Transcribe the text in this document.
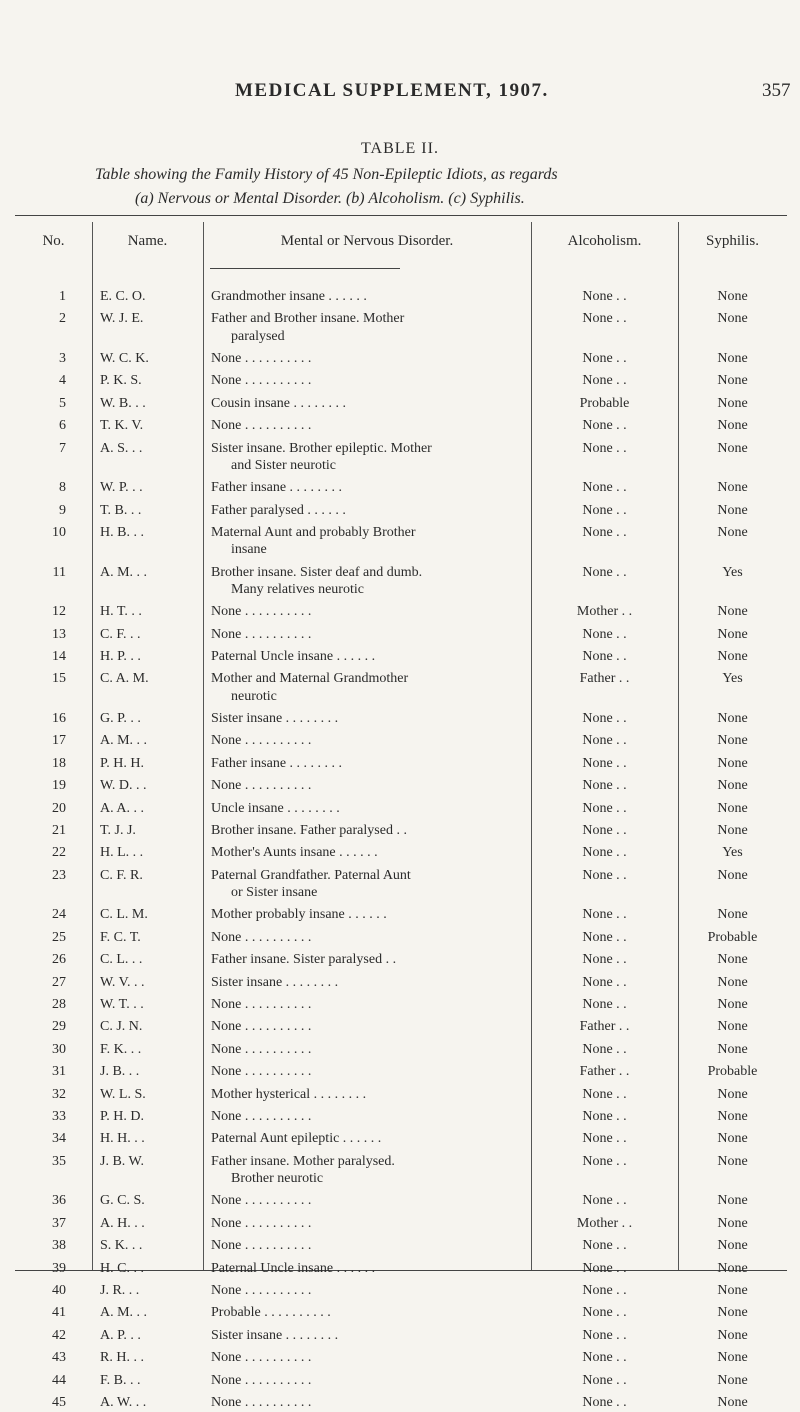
MEDICAL SUPPLEMENT, 1907.	357
TABLE II.
Table showing the Family History of 45 Non-Epileptic Idiots, as regards
(a) Nervous or Mental Disorder. (b) Alcoholism. (c) Syphilis.
No.	Name.	Mental or Nervous Disorder.	Alcoholism.	Syphilis.
1 E. C. O.	Grandmother insane . . . . . .	None . .	None
2 W. J. E.	Father and Brother insane. Mother	None . .	None
paralysed
3 W. C. K.	None . . . . . . . . . .	None . .	None
4 P. K. S.	None . . . . . . . . . .	None . .	None
5 W. B. . .	Cousin insane . . . . . . . .	Probable	None
6 T. K. V.	None . . . . . . . . . .	None . .	None
7 A. S. . .	Sister insane. Brother epileptic. Mother	None . .	None
and Sister neurotic
8 W. P. . .	Father insane . . . . . . . .	None . .	None
9 T. B. . .	Father paralysed . . . . . .	None . .	None
10 H. B. . .	Maternal Aunt and probably Brother	None . .	None
insane
11 A. M. . .	Brother insane. Sister deaf and dumb.	None . .	Yes
Many relatives neurotic
12 H. T. . .	None . . . . . . . . . .	Mother . .	None
13 C. F. . .	None . . . . . . . . . .	None . .	None
14 H. P. . .	Paternal Uncle insane . . . . . .	None . .	None
15 C. A. M.	Mother and Maternal Grandmother	Father . .	Yes
neurotic
16 G. P. . .	Sister insane . . . . . . . .	None . .	None
17 A. M. . .	None . . . . . . . . . .	None . .	None
18 P. H. H.	Father insane . . . . . . . .	None . .	None
19 W. D. . .	None . . . . . . . . . .	None . .	None
20 A. A. . .	Uncle insane . . . . . . . .	None . .	None
21 T. J. J.	Brother insane. Father paralysed . .	None . .	None
22 H. L. . .	Mother's Aunts insane . . . . . .	None . .	Yes
23 C. F. R.	Paternal Grandfather. Paternal Aunt	None . .	None
or Sister insane
24 C. L. M.	Mother probably insane . . . . . .	None . .	None
25 F. C. T.	None . . . . . . . . . .	None . .	Probable
26 C. L. . .	Father insane. Sister paralysed . .	None . .	None
27 W. V. . .	Sister insane . . . . . . . .	None . .	None
28 W. T. . .	None . . . . . . . . . .	None . .	None
29 C. J. N.	None . . . . . . . . . .	Father . .	None
30 F. K. . .	None . . . . . . . . . .	None . .	None
31 J. B. . .	None . . . . . . . . . .	Father . .	Probable
32 W. L. S.	Mother hysterical . . . . . . . .	None . .	None
33 P. H. D.	None . . . . . . . . . .	None . .	None
34 H. H. . .	Paternal Aunt epileptic . . . . . .	None . .	None
35 J. B. W.	Father insane. Mother paralysed.	None . .	None
Brother neurotic
36 G. C. S.	None . . . . . . . . . .	None . .	None
37 A. H. . .	None . . . . . . . . . .	Mother . .	None
38 S. K. . .	None . . . . . . . . . .	None . .	None
39 H. C. . .	Paternal Uncle insane . . . . . .	None . .	None
40 J. R. . .	None . . . . . . . . . .	None . .	None
41 A. M. . .	Probable . . . . . . . . . .	None . .	None
42 A. P. . .	Sister insane . . . . . . . .	None . .	None
43 R. H. . .	None . . . . . . . . . .	None . .	None
44 F. B. . .	None . . . . . . . . . .	None . .	None
45 A. W. . .	None . . . . . . . . . .	None . .	None
